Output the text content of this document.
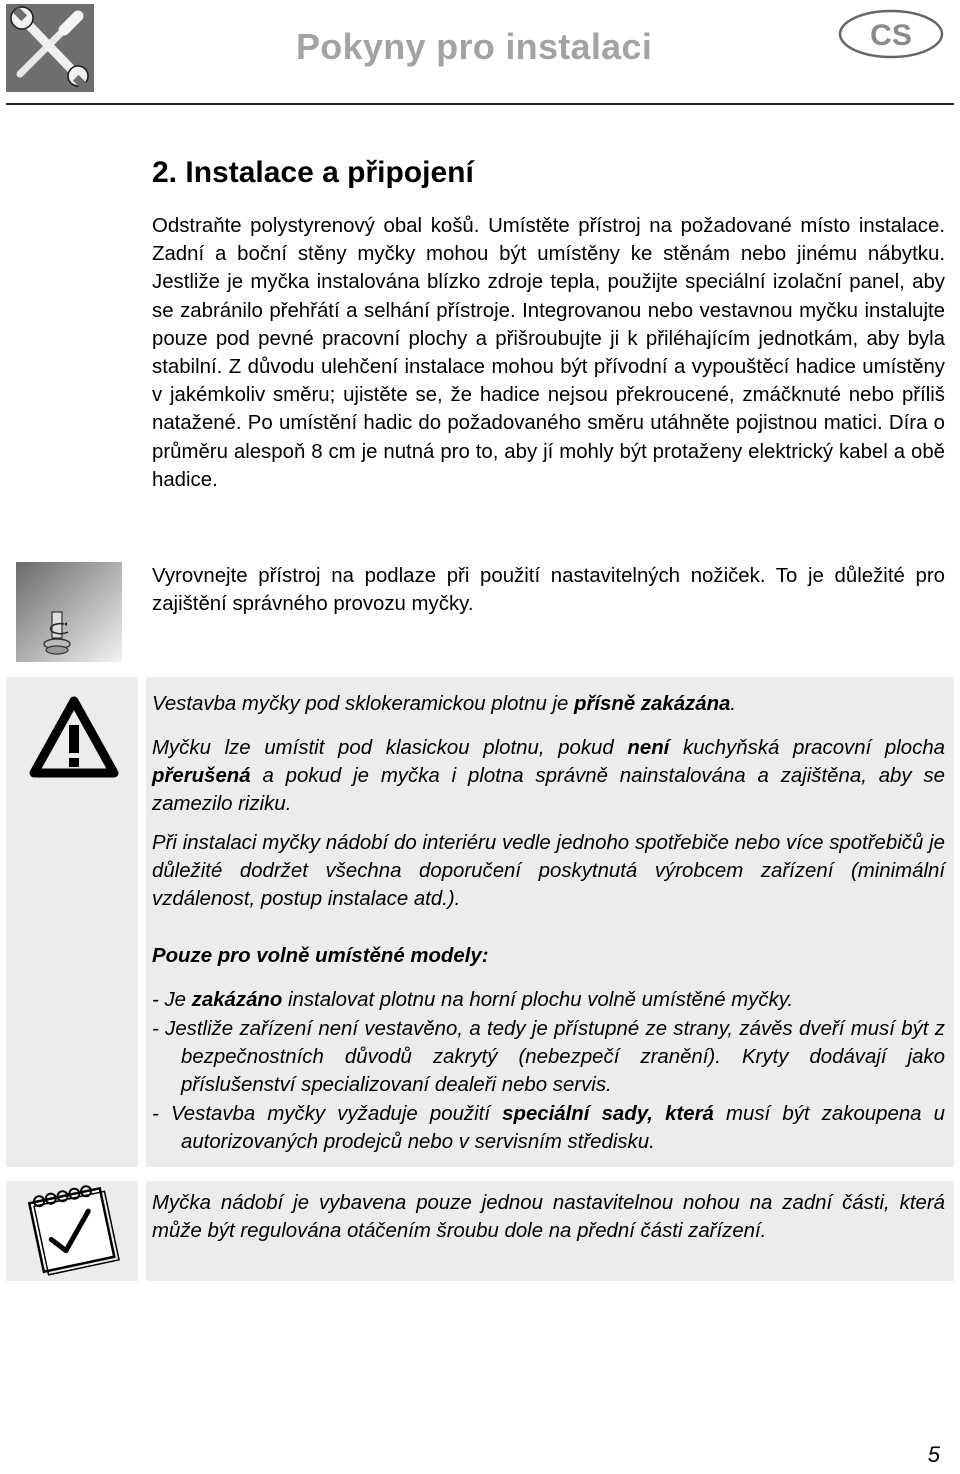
Pokyny pro instalaci	CS
2. Instalace a připojení
Odstraňte polystyrenový obal košů. Umístěte přístroj na požadované místo instalace. Zadní a boční stěny myčky mohou být umístěny ke stěnám nebo jinému nábytku. Jestliže je myčka instalována blízko zdroje tepla, použijte speciální izolační panel, aby se zabránilo přehřátí a selhání přístroje. Integrovanou nebo vestavnou myčku instalujte pouze pod pevné pracovní plochy a přišroubujte ji k přiléhajícím jednotkám, aby byla stabilní. Z důvodu ulehčení instalace mohou být přívodní a vypouštěcí hadice umístěny v jakémkoliv směru; ujistěte se, že hadice nejsou překroucené, zmáčknuté nebo příliš natažené. Po umístění hadic do požadovaného směru utáhněte pojistnou matici. Díra o průměru alespoň 8 cm je nutná pro to, aby jí mohly být protaženy elektrický kabel a obě hadice.
Vyrovnejte přístroj na podlaze při použití nastavitelných nožiček. To je důležité pro zajištění správného provozu myčky.
Vestavba myčky pod sklokeramickou plotnu je přísně zakázána.
Myčku lze umístit pod klasickou plotnu, pokud není kuchyňská pracovní plocha přerušená a pokud je myčka i plotna správně nainstalována a zajištěna, aby se zamezilo riziku.
Při instalaci myčky nádobí do interiéru vedle jednoho spotřebiče nebo více spotřebičů je důležité dodržet všechna doporučení poskytnutá výrobcem zařízení (minimální vzdálenost, postup instalace atd.).
Pouze pro volně umístěné modely:
- Je zakázáno instalovat plotnu na horní plochu volně umístěné myčky.
- Jestliže zařízení není vestavěno, a tedy je přístupné ze strany, závěs dveří musí být z bezpečnostních důvodů zakrytý (nebezpečí zranění). Kryty dodávají jako příslušenství specializovaní dealeři nebo servis.
- Vestavba myčky vyžaduje použití speciální sady, která musí být zakoupena u autorizovaných prodejců nebo v servisním středisku.
Myčka nádobí je vybavena pouze jednou nastavitelnou nohou na zadní části, která může být regulována otáčením šroubu dole na přední části zařízení.
5
